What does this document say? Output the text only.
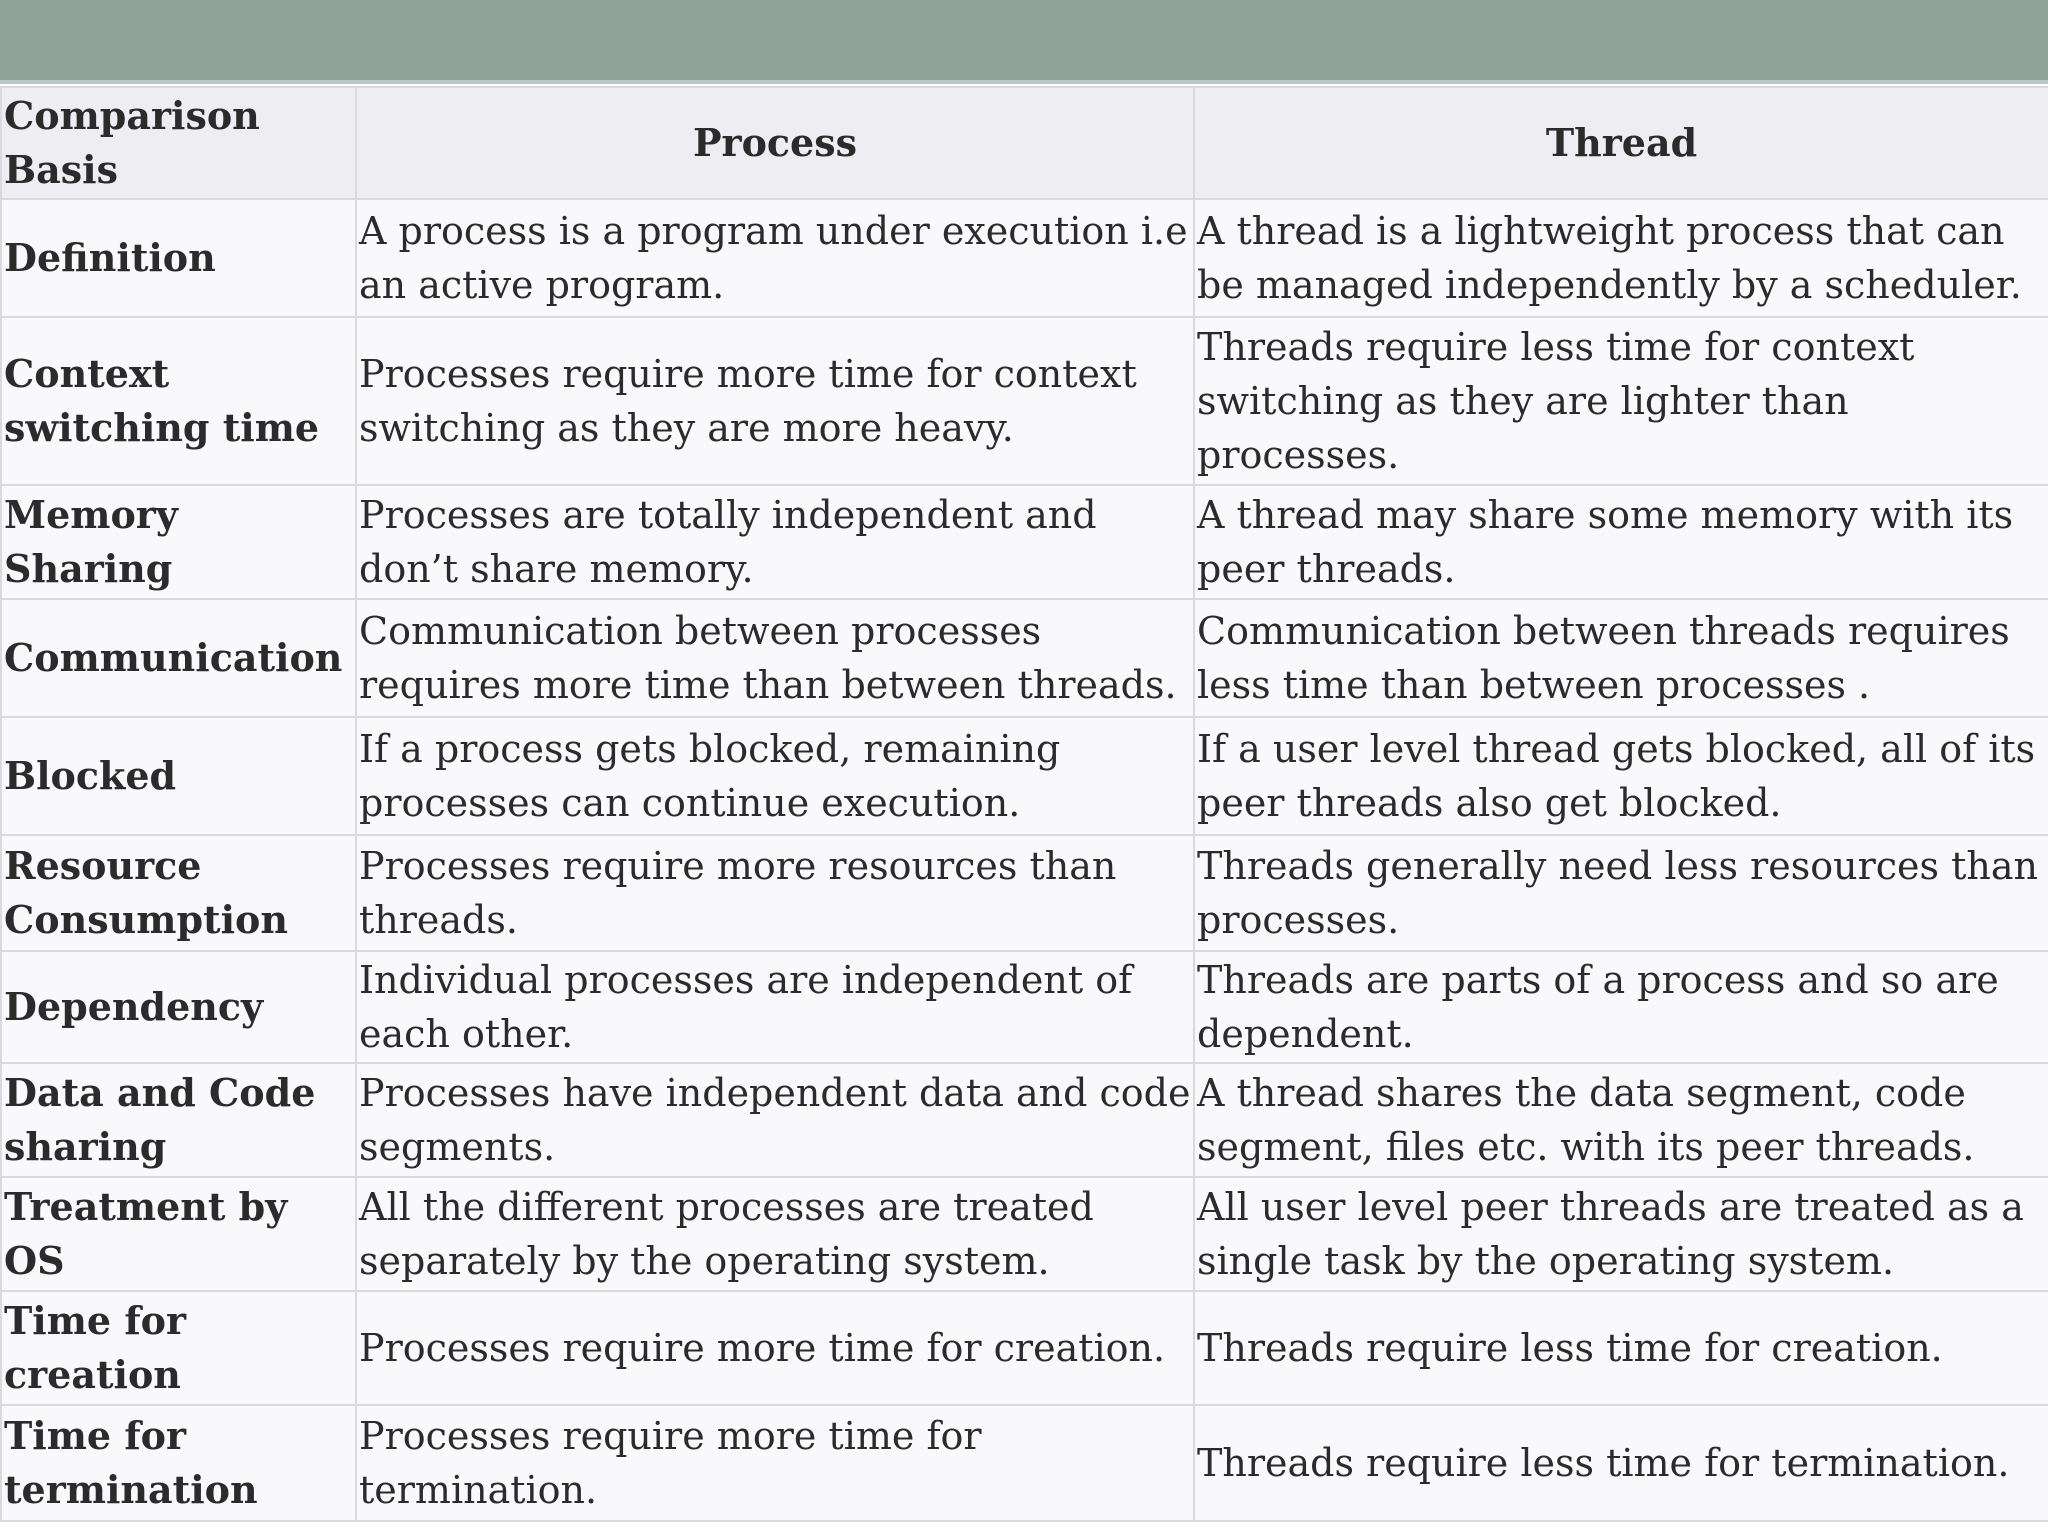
Comparison Basis	Process	Thread
Definition	A process is a program under execution i.e an active program.	A thread is a lightweight process that can be managed independently by a scheduler.
Context switching time	Processes require more time for context switching as they are more heavy.	Threads require less time for context switching as they are lighter than processes.
Memory Sharing	Processes are totally independent and don’t share memory.	A thread may share some memory with its peer threads.
Communication	Communication between processes requires more time than between threads.	Communication between threads requires less time than between processes .
Blocked	If a process gets blocked, remaining processes can continue execution.	If a user level thread gets blocked, all of its peer threads also get blocked.
Resource Consumption	Processes require more resources than threads.	Threads generally need less resources than processes.
Dependency	Individual processes are independent of each other.	Threads are parts of a process and so are dependent.
Data and Code sharing	Processes have independent data and code segments.	A thread shares the data segment, code segment, files etc. with its peer threads.
Treatment by OS	All the different processes are treated separately by the operating system.	All user level peer threads are treated as a single task by the operating system.
Time for creation	Processes require more time for creation.	Threads require less time for creation.
Time for termination	Processes require more time for termination.	Threads require less time for termination.
